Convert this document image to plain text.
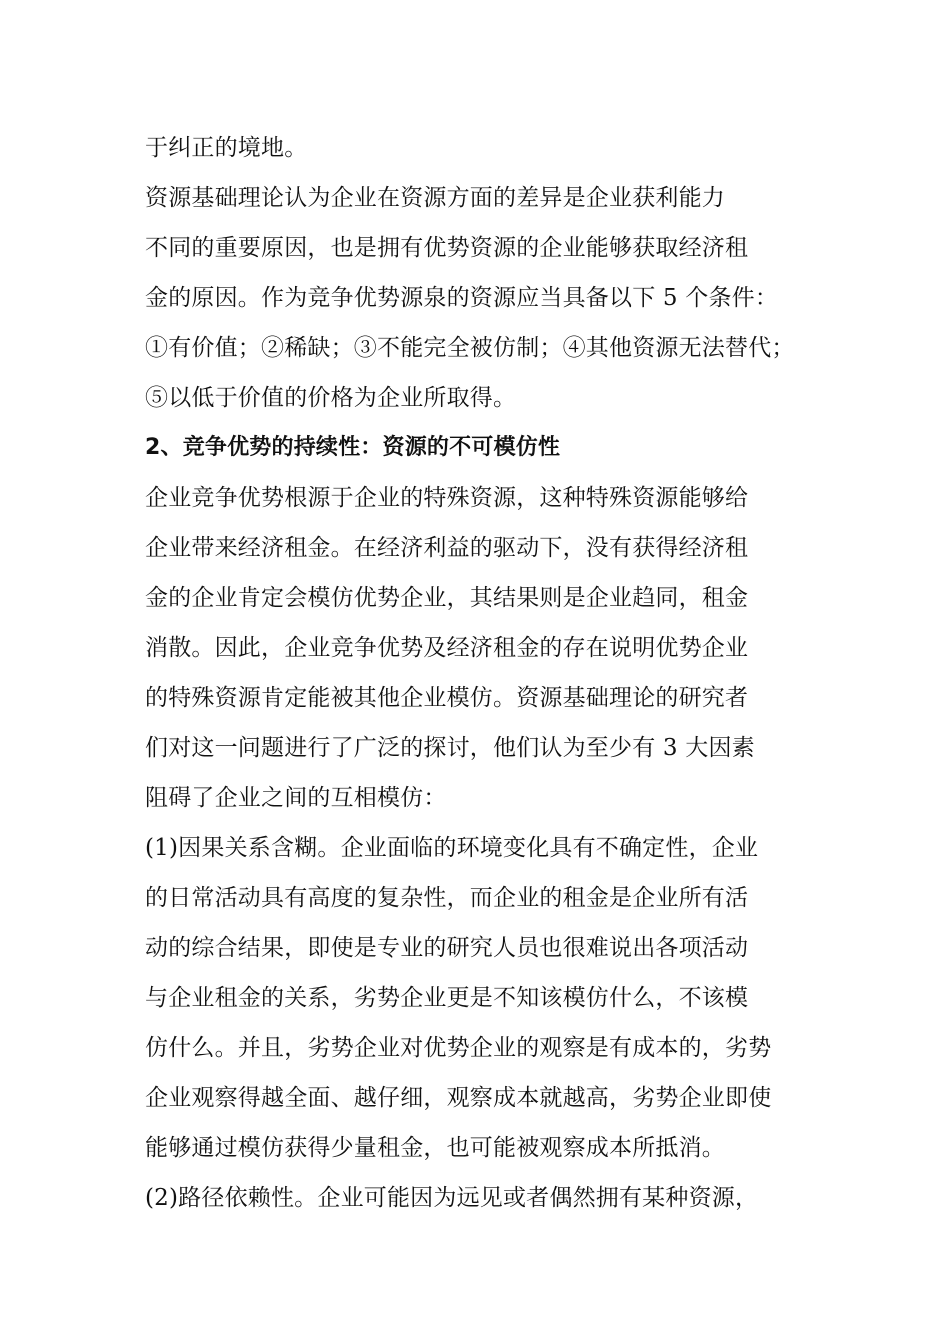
于纠正的境地。
资源基础理论认为企业在资源方面的差异是企业获利能力
不同的重要原因，也是拥有优势资源的企业能够获取经济租
金的原因。作为竞争优势源泉的资源应当具备以下 5 个条件：
①有价值；②稀缺；③不能完全被仿制；④其他资源无法替代；
⑤以低于价值的价格为企业所取得。
2、竞争优势的持续性：资源的不可模仿性
企业竞争优势根源于企业的特殊资源，这种特殊资源能够给
企业带来经济租金。在经济利益的驱动下，没有获得经济租
金的企业肯定会模仿优势企业，其结果则是企业趋同，租金
消散。因此，企业竞争优势及经济租金的存在说明优势企业
的特殊资源肯定能被其他企业模仿。资源基础理论的研究者
们对这一问题进行了广泛的探讨，他们认为至少有 3 大因素
阻碍了企业之间的互相模仿：
(1)因果关系含糊。企业面临的环境变化具有不确定性，企业
的日常活动具有高度的复杂性，而企业的租金是企业所有活
动的综合结果，即使是专业的研究人员也很难说出各项活动
与企业租金的关系，劣势企业更是不知该模仿什么，不该模
仿什么。并且，劣势企业对优势企业的观察是有成本的，劣势
企业观察得越全面、越仔细，观察成本就越高，劣势企业即使
能够通过模仿获得少量租金，也可能被观察成本所抵消。
(2)路径依赖性。企业可能因为远见或者偶然拥有某种资源，
